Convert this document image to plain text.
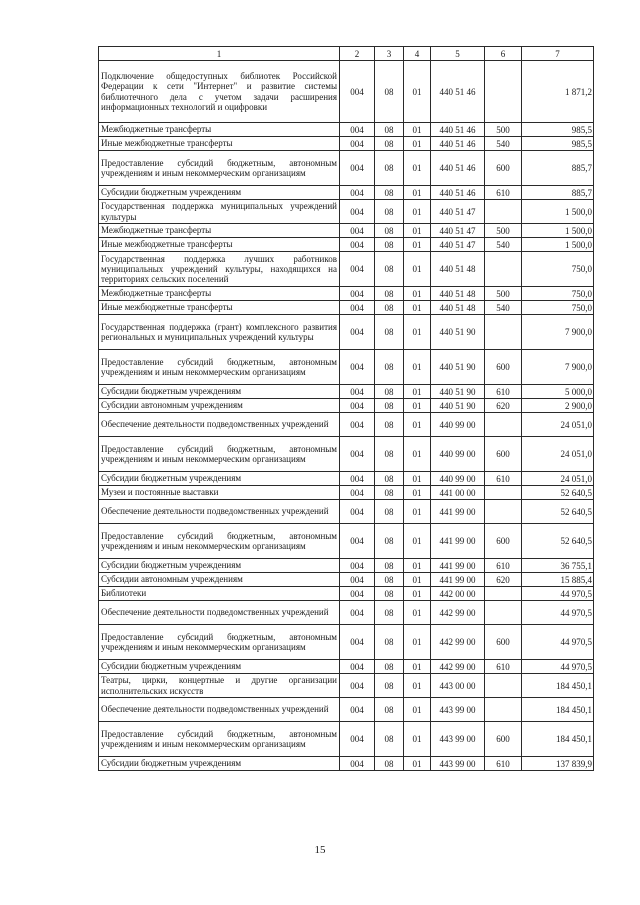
1	2	3	4	5	6	7
Подключение общедоступных библиотек Российской Федерации к сети "Интернет" и развитие системы библиотечного дела с учетом задачи расширения информационных технологий и оцифровки	004	08	01	440 51 46		1 871,2
Межбюджетные трансферты	004	08	01	440 51 46	500	985,5
Иные межбюджетные трансферты	004	08	01	440 51 46	540	985,5
Предоставление субсидий бюджетным, автономным учреждениям и иным некоммерческим организациям	004	08	01	440 51 46	600	885,7
Субсидии бюджетным учреждениям	004	08	01	440 51 46	610	885,7
Государственная поддержка муниципальных учреждений культуры	004	08	01	440 51 47		1 500,0
Межбюджетные трансферты	004	08	01	440 51 47	500	1 500,0
Иные межбюджетные трансферты	004	08	01	440 51 47	540	1 500,0
Государственная поддержка лучших работников муниципальных учреждений культуры, находящихся на территориях сельских поселений	004	08	01	440 51 48		750,0
Межбюджетные трансферты	004	08	01	440 51 48	500	750,0
Иные межбюджетные трансферты	004	08	01	440 51 48	540	750,0
Государственная поддержка (грант) комплексного развития региональных и муниципальных учреждений культуры	004	08	01	440 51 90		7 900,0
Предоставление субсидий бюджетным, автономным учреждениям и иным некоммерческим организациям	004	08	01	440 51 90	600	7 900,0
Субсидии бюджетным учреждениям	004	08	01	440 51 90	610	5 000,0
Субсидии автономным учреждениям	004	08	01	440 51 90	620	2 900,0
Обеспечение деятельности подведомственных учреждений	004	08	01	440 99 00		24 051,0
Предоставление субсидий бюджетным, автономным учреждениям и иным некоммерческим организациям	004	08	01	440 99 00	600	24 051,0
Субсидии бюджетным учреждениям	004	08	01	440 99 00	610	24 051,0
Музеи и постоянные выставки	004	08	01	441 00 00		52 640,5
Обеспечение деятельности подведомственных учреждений	004	08	01	441 99 00		52 640,5
Предоставление субсидий бюджетным, автономным учреждениям и иным некоммерческим организациям	004	08	01	441 99 00	600	52 640,5
Субсидии бюджетным учреждениям	004	08	01	441 99 00	610	36 755,1
Субсидии автономным учреждениям	004	08	01	441 99 00	620	15 885,4
Библиотеки	004	08	01	442 00 00		44 970,5
Обеспечение деятельности подведомственных учреждений	004	08	01	442 99 00		44 970,5
Предоставление субсидий бюджетным, автономным учреждениям и иным некоммерческим организациям	004	08	01	442 99 00	600	44 970,5
Субсидии бюджетным учреждениям	004	08	01	442 99 00	610	44 970,5
Театры, цирки, концертные и другие организации исполнительских искусств	004	08	01	443 00 00		184 450,1
Обеспечение деятельности подведомственных учреждений	004	08	01	443 99 00		184 450,1
Предоставление субсидий бюджетным, автономным учреждениям и иным некоммерческим организациям	004	08	01	443 99 00	600	184 450,1
Субсидии бюджетным учреждениям	004	08	01	443 99 00	610	137 839,9
15
